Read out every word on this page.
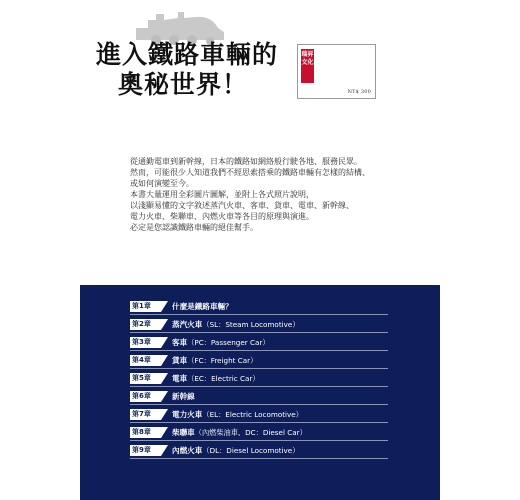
進入鐵路車輛的
奧秘世界！
瑞昇文化
NT$ 300
從通勤電車到新幹線，日本的鐵路如網絡般行駛各地、服務民眾。
然而，可能很少人知道我們不經思索搭乘的鐵路車輛有怎樣的結構、
或如何演變至今。
本書大量運用全彩圖片圖解，並附上各式照片說明，
以淺顯易懂的文字敘述蒸汽火車、客車、貨車、電車、新幹線、
電力火車、柴聯車、內燃火車等各目的原理與演進。
必定是您認識鐵路車輛的絕佳幫手。
第1章	什麼是鐵路車輛？
第2章	蒸汽火車（SL：Steam Locomotive）
第3章	客車（PC：Passenger Car）
第4章	貨車（FC：Freight Car）
第5章	電車（EC：Electric Car）
第6章	新幹線
第7章	電力火車（EL：Electric Locomotive）
第8章	柴聯車（內燃柴油車、DC：Diesel Car）
第9章	內燃火車（DL：Diesel Locomotive）
